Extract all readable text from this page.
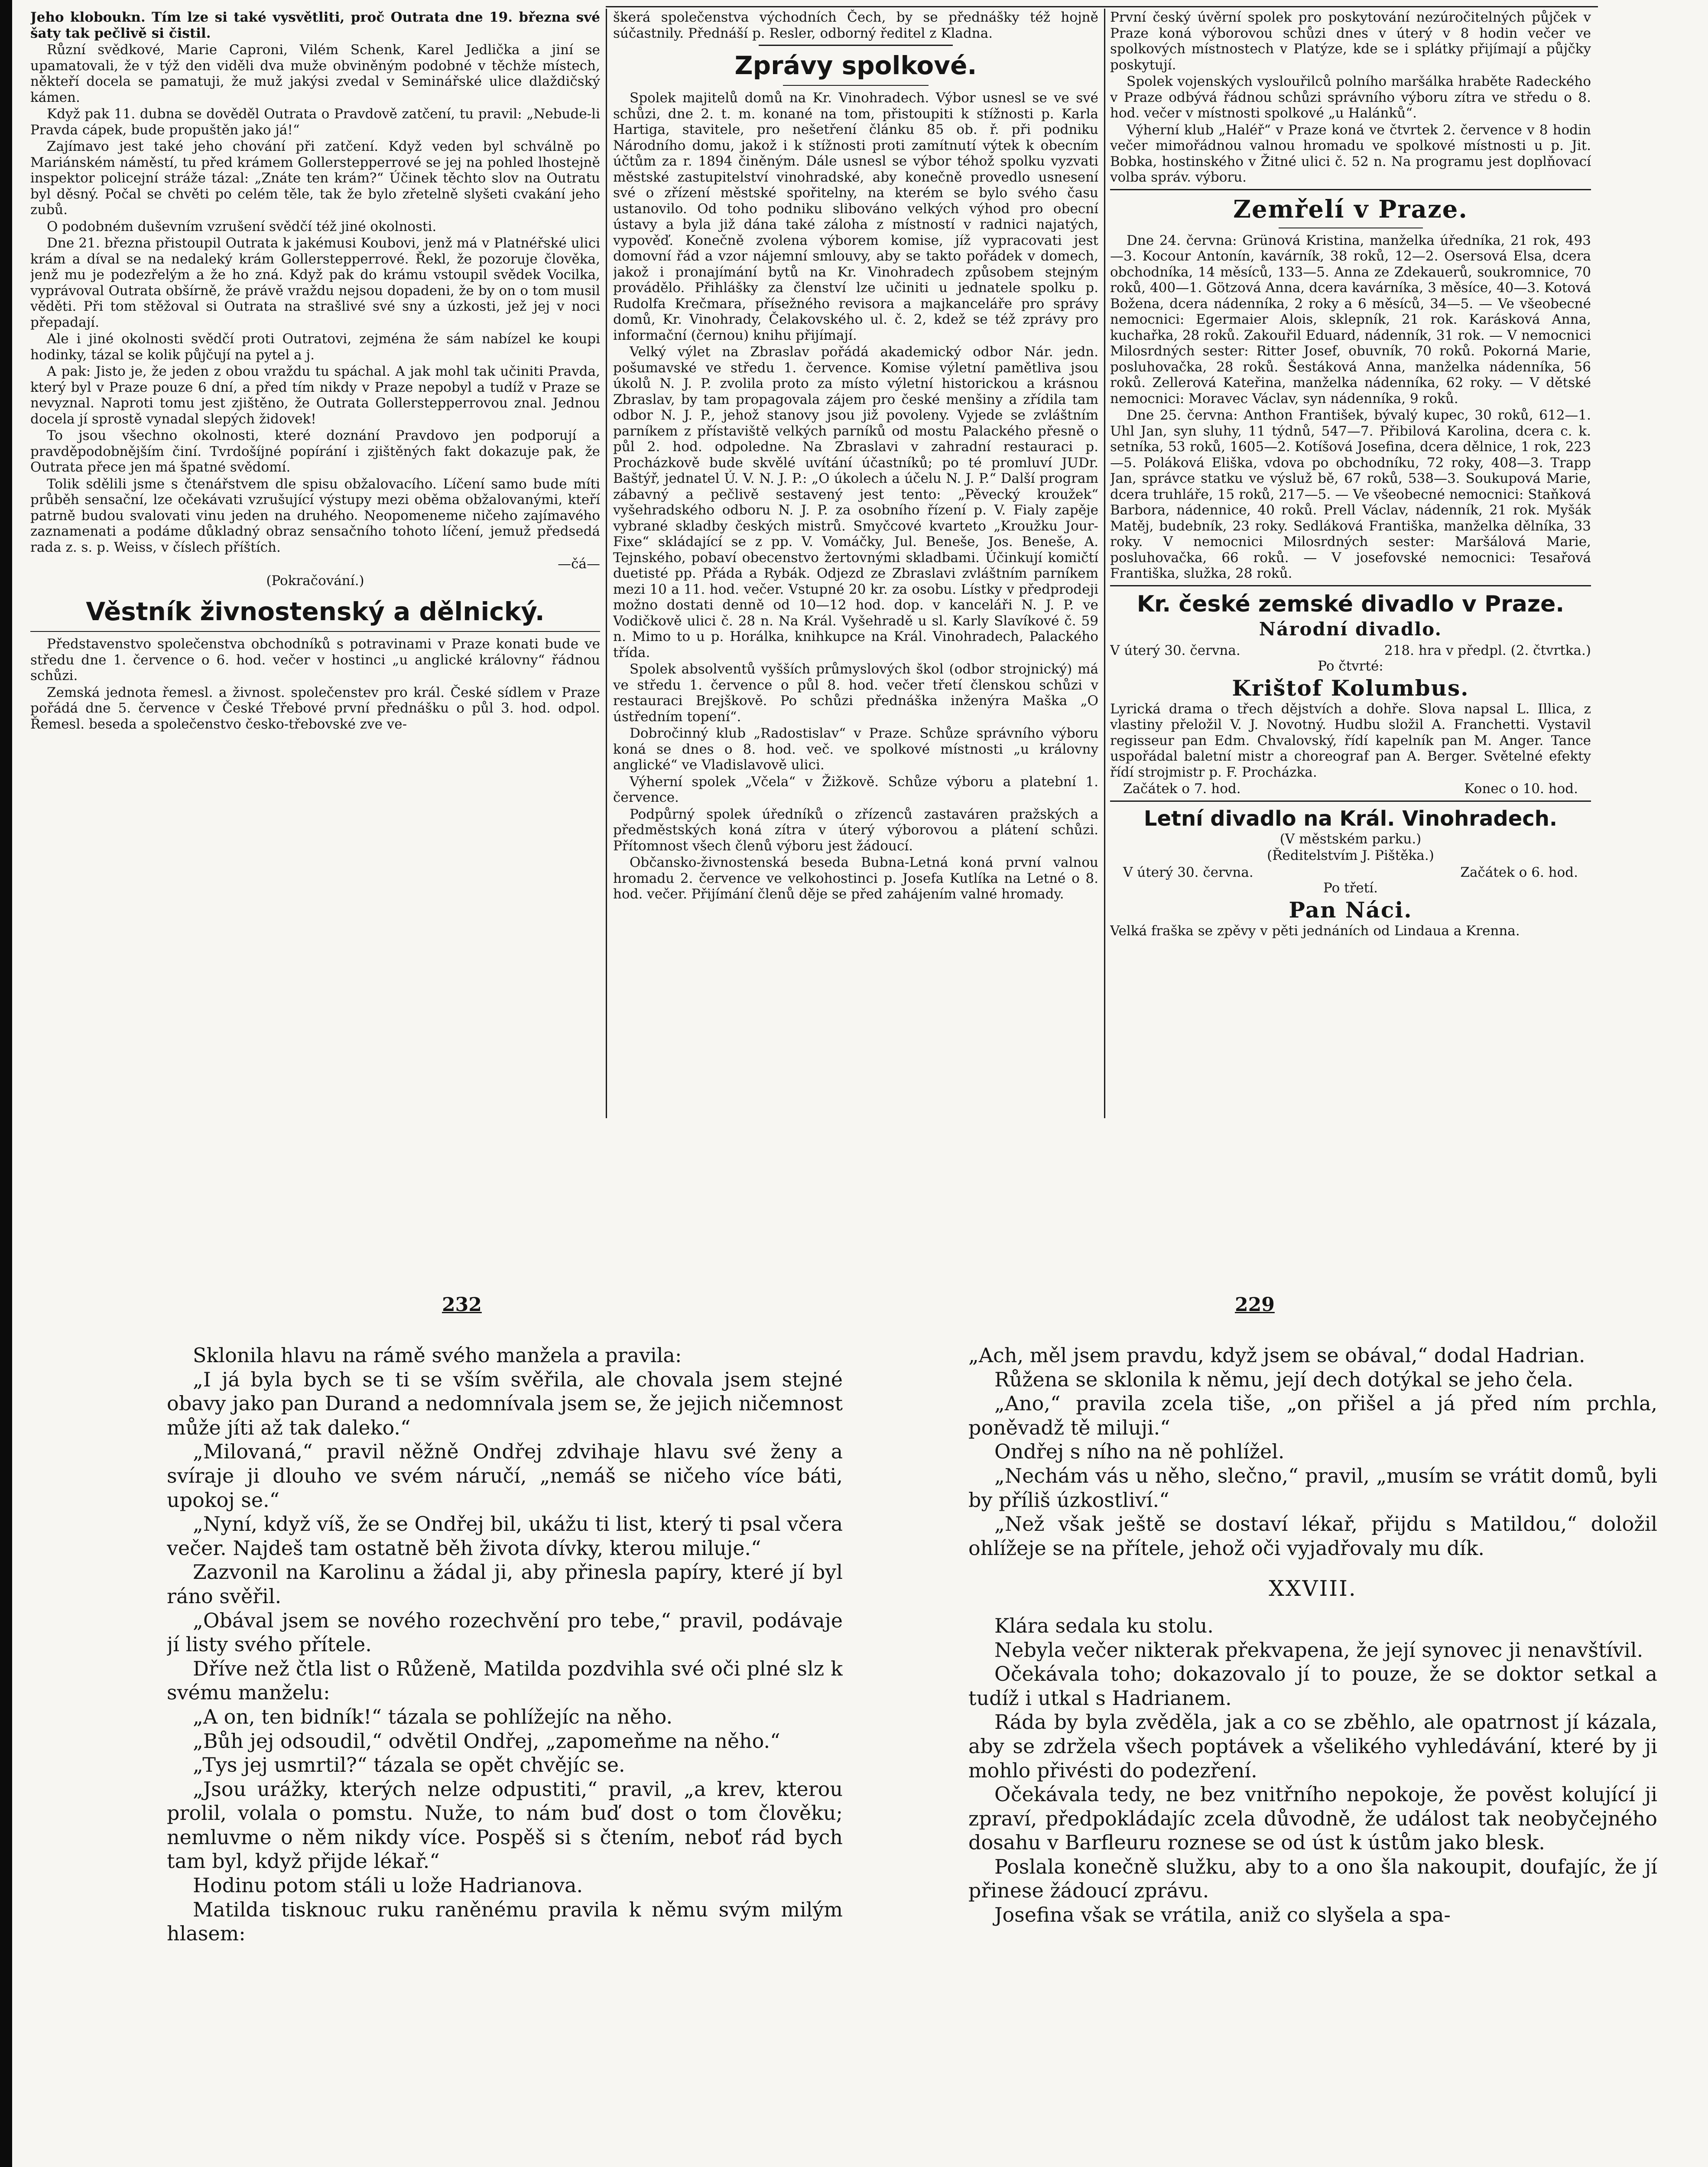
Jeho kloboukn. Tím lze si také vysvětliti, proč Outrata dne 19. března své šaty tak pečlivě si čistil.

Různí svědkové, Marie Caproni, Vilém Schenk, Karel Jedlička a jiní se upamatovali, že v týž den viděli dva muže obviněným podobné v těchže místech, někteří docela se pamatuji, že muž jakýsi zvedal v Seminářské ulice dlaždičský kámen.

Když pak 11. dubna se dověděl Outrata o Pravdově zatčení, tu pravil: „Nebude-li Pravda cápek, bude propuštěn jako já!“

Zajímavo jest také jeho chování při zatčení. Když veden byl schválně po Mariánském náměstí, tu před krámem Gollerstepperrové se jej na pohled lhostejně inspektor policejní stráže tázal: „Znáte ten krám?“ Účinek těchto slov na Outratu byl děsný. Počal se chvěti po celém těle, tak že bylo zřetelně slyšeti cvakání jeho zubů.

O podobném duševním vzrušení svědčí též jiné okolnosti.

Dne 21. března přistoupil Outrata k jakémusi Koubovi, jenž má v Platnéřské ulici krám a díval se na nedaleký krám Gollerstepperrové. Řekl, že pozoruje člověka, jenž mu je podezřelým a že ho zná. Když pak do krámu vstoupil svědek Vocilka, vyprávoval Outrata obšírně, že právě vraždu nejsou dopadeni, že by on o tom musil věděti. Při tom stěžoval si Outrata na strašlivé své sny a úzkosti, jež jej v noci přepadají.

Ale i jiné okolnosti svědčí proti Outratovi, zejména že sám nabízel ke koupi hodinky, tázal se kolik půjčují na pytel a j.

A pak: Jisto je, že jeden z obou vraždu tu spáchal. A jak mohl tak učiniti Pravda, který byl v Praze pouze 6 dní, a před tím nikdy v Praze nepobyl a tudíž v Praze se nevyznal. Naproti tomu jest zjištěno, že Outrata Gollerstepperrovou znal. Jednou docela jí sprostě vynadal slepých židovek!

To jsou všechno okolnosti, které doznání Pravdovo jen podporují a pravděpodobnějším činí. Tvrdošíjné popírání i zjištěných fakt dokazuje pak, že Outrata přece jen má špatné svědomí.

Tolik sdělili jsme s čtenářstvem dle spisu obžalovacího. Líčení samo bude míti průběh sensační, lze očekávati vzrušující výstupy mezi oběma obžalovanými, kteří patrně budou svalovati vinu jeden na druhého. Neopomeneme ničeho zajímavého zaznamenati a podáme důkladný obraz sensačního tohoto líčení, jemuž předsedá rada z. s. p. Weiss, v číslech příštích.

—čá—

(Pokračování.)

Věstník živnostenský a dělnický.

Představenstvo společenstva obchodníků s potravinami v Praze konati bude ve středu dne 1. července o 6. hod. večer v hostinci „u anglické královny“ řádnou schůzi.

Zemská jednota řemesl. a živnost. společenstev pro král. České sídlem v Praze pořádá dne 5. července v České Třebové první přednášku o půl 3. hod. odpol. Řemesl. beseda a společenstvo česko-třebovské zve ve-

škerá společenstva východních Čech, by se přednášky též hojně súčastnily. Přednáší p. Resler, odborný ředitel z Kladna.

Zprávy spolkové.

Spolek majitelů domů na Kr. Vinohradech. Výbor usnesl se ve své schůzi, dne 2. t. m. konané na tom, přistoupiti k stížnosti p. Karla Hartiga, stavitele, pro nešetření článku 85 ob. ř. při podniku Národního domu, jakož i k stížnosti proti zamítnutí výtek k obecním účtům za r. 1894 činěným. Dále usnesl se výbor téhož spolku vyzvati městské zastupitelství vinohradské, aby konečně provedlo usnesení své o zřízení městské spořitelny, na kterém se bylo svého času ustanovilo. Od toho podniku slibováno velkých výhod pro obecní ústavy a byla již dána také záloha z místností v radnici najatých, vypověď. Konečně zvolena výborem komise, jíž vypracovati jest domovní řád a vzor nájemní smlouvy, aby se takto pořádek v domech, jakož i pronajímání bytů na Kr. Vinohradech způsobem stejným provádělo. Přihlášky za členství lze učiniti u jednatele spolku p. Rudolfa Krečmara, přísežného revisora a majkanceláře pro správy domů, Kr. Vinohrady, Čelakovského ul. č. 2, kdež se též zprávy pro informační (černou) knihu přijímají.

Velký výlet na Zbraslav pořádá akademický odbor Nár. jedn. pošumavské ve středu 1. července. Komise výletní pamětliva jsou úkolů N. J. P. zvolila proto za místo výletní historickou a krásnou Zbraslav, by tam propagovala zájem pro české menšiny a zřídila tam odbor N. J. P., jehož stanovy jsou již povoleny. Vyjede se zvláštním parníkem z přístaviště velkých parníků od mostu Palackého přesně o půl 2. hod. odpoledne. Na Zbraslavi v zahradní restauraci p. Procházkově bude skvělé uvítání účastníků; po té promluví JUDr. Baštýř, jednatel Ú. V. N. J. P.: „O úkolech a účelu N. J. P.“ Další program zábavný a pečlivě sestavený jest tento: „Pěvecký kroužek“ vyšehradského odboru N. J. P. za osobního řízení p. V. Fialy zapěje vybrané skladby českých mistrů. Smyčcové kvarteto „Kroužku Jour-Fixe“ skládající se z pp. V. Vomáčky, Jul. Beneše, Jos. Beneše, A. Tejnského, pobaví obecenstvo žertovnými skladbami. Účinkují komičtí duetisté pp. Přáda a Rybák. Odjezd ze Zbraslavi zvláštním parníkem mezi 10 a 11. hod. večer. Vstupné 20 kr. za osobu. Lístky v předprodeji možno dostati denně od 10—12 hod. dop. v kanceláři N. J. P. ve Vodičkově ulici č. 28 n. Na Král. Vyšehradě u sl. Karly Slavíkové č. 59 n. Mimo to u p. Horálka, knihkupce na Král. Vinohradech, Palackého třída.

Spolek absolventů vyšších průmyslových škol (odbor strojnický) má ve středu 1. července o půl 8. hod. večer třetí členskou schůzi v restauraci Brejškově. Po schůzi přednáška inženýra Maška „O ústředním topení“.

Dobročinný klub „Radostislav“ v Praze. Schůze správního výboru koná se dnes o 8. hod. več. ve spolkové místnosti „u královny anglické“ ve Vladislavově ulici.

Výherní spolek „Včela“ v Žižkově. Schůze výboru a platební 1. července.

Podpůrný spolek úředníků o zřízenců zastaváren pražských a předměstských koná zítra v úterý výborovou a plátení schůzi. Přítomnost všech členů výboru jest žádoucí.

Občansko-živnostenská beseda Bubna-Letná koná první valnou hromadu 2. července ve velkohostinci p. Josefa Kutlíka na Letné o 8. hod. večer. Přijímání členů děje se před zahájením valné hromady.

První český úvěrní spolek pro poskytování nezúročitelných půjček v Praze koná výborovou schůzi dnes v úterý v 8 hodin večer ve spolkových místnostech v Platýze, kde se i splátky přijímají a půjčky poskytují.

Spolek vojenských vyslouřilců polního maršálka hraběte Radeckého v Praze odbývá řádnou schůzi správního výboru zítra ve středu o 8. hod. večer v místnosti spolkové „u Halánků“.

Výherní klub „Haléř“ v Praze koná ve čtvrtek 2. července v 8 hodin večer mimořádnou valnou hromadu ve spolkové místnosti u p. Jit. Bobka, hostinského v Žitné ulici č. 52 n. Na programu jest doplňovací volba správ. výboru.

Zemřelí v Praze.

Dne 24. června: Grünová Kristina, manželka úředníka, 21 rok, 493—3. Kocour Antonín, kavárník, 38 roků, 12—2. Osersová Elsa, dcera obchodníka, 14 měsíců, 133—5. Anna ze Zdekauerů, soukromnice, 70 roků, 400—1. Götzová Anna, dcera kavárníka, 3 měsíce, 40—3. Kotová Božena, dcera nádenníka, 2 roky a 6 měsíců, 34—5. — Ve všeobecné nemocnici: Egermaier Alois, sklepník, 21 rok. Karásková Anna, kuchařka, 28 roků. Zakouřil Eduard, nádenník, 31 rok. — V nemocnici Milosrdných sester: Ritter Josef, obuvník, 70 roků. Pokorná Marie, posluhovačka, 28 roků. Šestáková Anna, manželka nádenníka, 56 roků. Zellerová Kateřina, manželka nádenníka, 62 roky. — V dětské nemocnici: Moravec Václav, syn nádenníka, 9 roků.

Dne 25. června: Anthon František, bývalý kupec, 30 roků, 612—1. Uhl Jan, syn sluhy, 11 týdnů, 547—7. Přibilová Karolina, dcera c. k. setníka, 53 roků, 1605—2. Kotíšová Josefina, dcera dělnice, 1 rok, 223—5. Poláková Eliška, vdova po obchodníku, 72 roky, 408—3. Trapp Jan, správce statku ve výsluž bě, 67 roků, 538—3. Soukupová Marie, dcera truhláře, 15 roků, 217—5. — Ve všeobecné nemocnici: Staňková Barbora, nádennice, 40 roků. Prell Václav, nádenník, 21 rok. Myšák Matěj, budebník, 23 roky. Sedláková Františka, manželka dělníka, 33 roky. V nemocnici Milosrdných sester: Maršálová Marie, posluhovačka, 66 roků. — V josefovské nemocnici: Tesařová Františka, služka, 28 roků.

Kr. české zemské divadlo v Praze.
Národní divadlo.
V úterý 30. června.	218. hra v předpl. (2. čtvrtka.)

Po čtvrté:

Krištof Kolumbus.

Lyrická drama o třech dějstvích a dohře. Slova napsal L. Illica, z vlastiny přeložil V. J. Novotný. Hudbu složil A. Franchetti. Vystavil regisseur pan Edm. Chvalovský, řídí kapelník pan M. Anger. Tance uspořádal baletní mistr a choreograf pan A. Berger. Světelné efekty řídí strojmistr p. F. Procházka.

Začátek o 7. hod.	Konec o 10. hod.
Letní divadlo na Král. Vinohradech.

(V městském parku.)

(Ředitelstvím J. Pištěka.)

V úterý 30. června.	Začátek o 6. hod.

Po třetí.

Pan Náci.

Velká fraška se zpěvy v pěti jednáních od Lindaua a Krenna.

232

Sklonila hlavu na rámě svého manžela a pravila:

„I já byla bych se ti se vším svěřila, ale chovala jsem stejné obavy jako pan Durand a nedomnívala jsem se, že jejich ničemnost může jíti až tak daleko.“

„Milovaná,“ pravil něžně Ondřej zdvihaje hlavu své ženy a svíraje ji dlouho ve svém náručí, „nemáš se ničeho více báti, upokoj se.“

„Nyní, když víš, že se Ondřej bil, ukážu ti list, který ti psal včera večer. Najdeš tam ostatně běh života dívky, kterou miluje.“

Zazvonil na Karolinu a žádal ji, aby přinesla papíry, které jí byl ráno svěřil.

„Obával jsem se nového rozechvění pro tebe,“ pravil, podávaje jí listy svého přítele.

Dříve než čtla list o Růženě, Matilda pozdvihla své oči plné slz k svému manželu:

„A on, ten bidník!“ tázala se pohlížejíc na něho.

„Bůh jej odsoudil,“ odvětil Ondřej, „zapomeňme na něho.“

„Tys jej usmrtil?“ tázala se opět chvějíc se.

„Jsou urážky, kterých nelze odpustiti,“ pravil, „a krev, kterou prolil, volala o pomstu. Nuže, to nám buď dost o tom člověku; nemluvme o něm nikdy více. Pospěš si s čtením, neboť rád bych tam byl, když přijde lékař.“

Hodinu potom stáli u lože Hadrianova.

Matilda tisknouc ruku raněnému pravila k němu svým milým hlasem:

229

„Ach, měl jsem pravdu, když jsem se obával,“ dodal Hadrian.

Růžena se sklonila k němu, její dech dotýkal se jeho čela.

„Ano,“ pravila zcela tiše, „on přišel a já před ním prchla, poněvadž tě miluji.“

Ondřej s ního na ně pohlížel.

„Nechám vás u něho, slečno,“ pravil, „musím se vrátit domů, byli by příliš úzkostliví.“

„Než však ještě se dostaví lékař, přijdu s Matildou,“ doložil ohlížeje se na přítele, jehož oči vyjadřovaly mu dík.

XXVIII.

Klára sedala ku stolu.

Nebyla večer nikterak překvapena, že její synovec ji nenavštívil.

Očekávala toho; dokazovalo jí to pouze, že se doktor setkal a tudíž i utkal s Hadrianem.

Ráda by byla zvěděla, jak a co se zběhlo, ale opatrnost jí kázala, aby se zdržela všech poptávek a všelikého vyhledávání, které by ji mohlo přivésti do podezření.

Očekávala tedy, ne bez vnitřního nepokoje, že pověst kolující ji zpraví, předpokládajíc zcela důvodně, že událost tak neobyčejného dosahu v Barfleuru roznese se od úst k ústům jako blesk.

Poslala konečně služku, aby to a ono šla nakoupit, doufajíc, že jí přinese žádoucí zprávu.

Josefina však se vrátila, aniž co slyšela a spa-
